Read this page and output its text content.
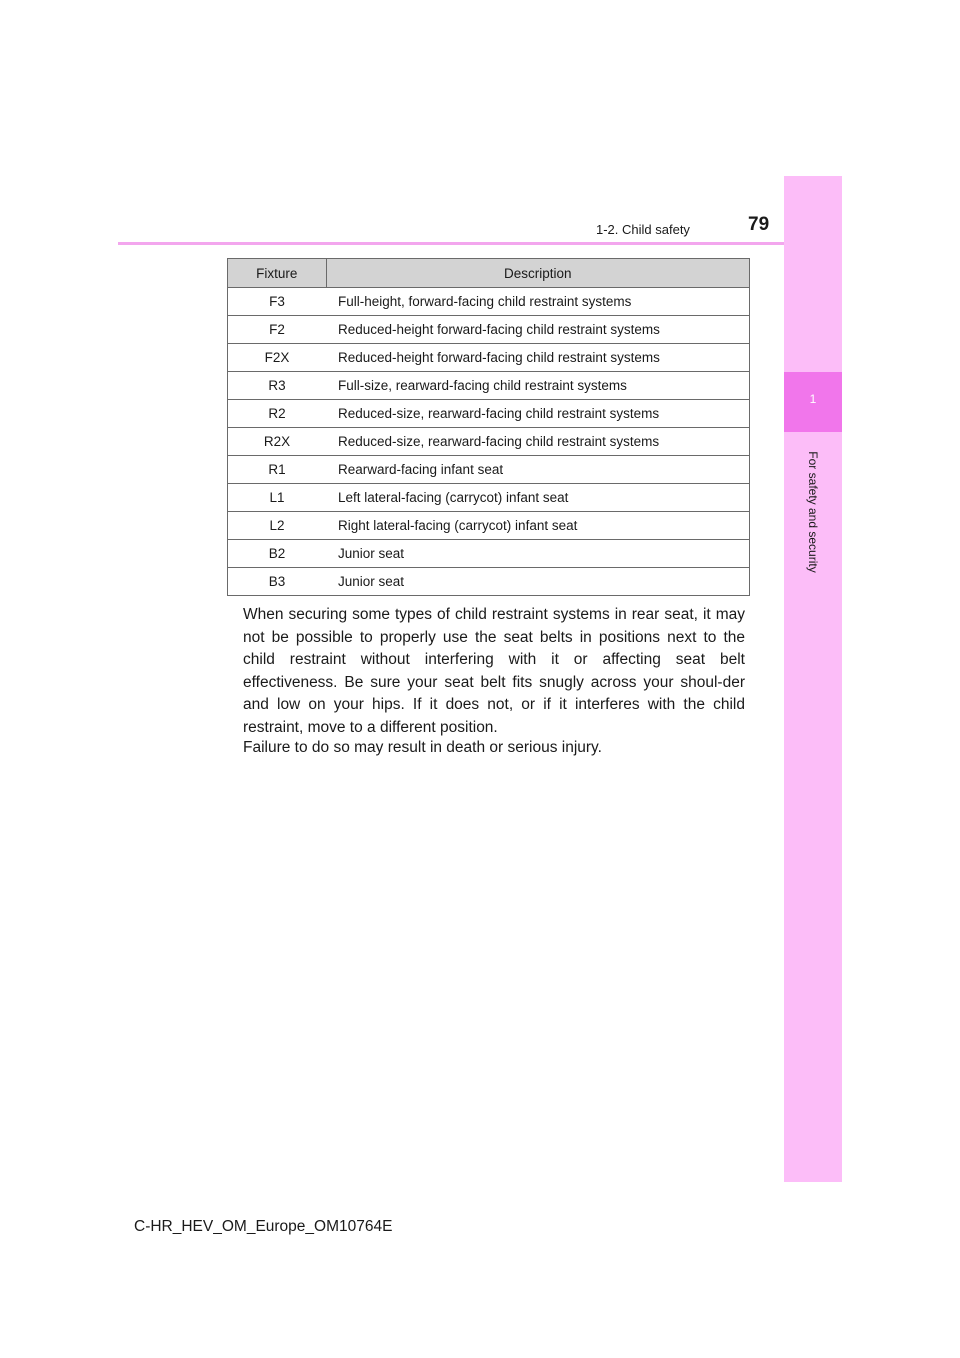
1-2. Child safety	79
1
For safety and security
Fixture	Description
F3	Full-height, forward-facing child restraint systems
F2	Reduced-height forward-facing child restraint systems
F2X	Reduced-height forward-facing child restraint systems
R3	Full-size, rearward-facing child restraint systems
R2	Reduced-size, rearward-facing child restraint systems
R2X	Reduced-size, rearward-facing child restraint systems
R1	Rearward-facing infant seat
L1	Left lateral-facing (carrycot) infant seat
L2	Right lateral-facing (carrycot) infant seat
B2	Junior seat
B3	Junior seat

When securing some types of child restraint systems in rear seat, it may not be possible to properly use the seat belts in positions next to the child restraint without interfering with it or affecting seat belt effectiveness. Be sure your seat belt fits snugly across your shoul-der and low on your hips. If it does not, or if it interferes with the child restraint, move to a different position.

Failure to do so may result in death or serious injury.

C-HR_HEV_OM_Europe_OM10764E
